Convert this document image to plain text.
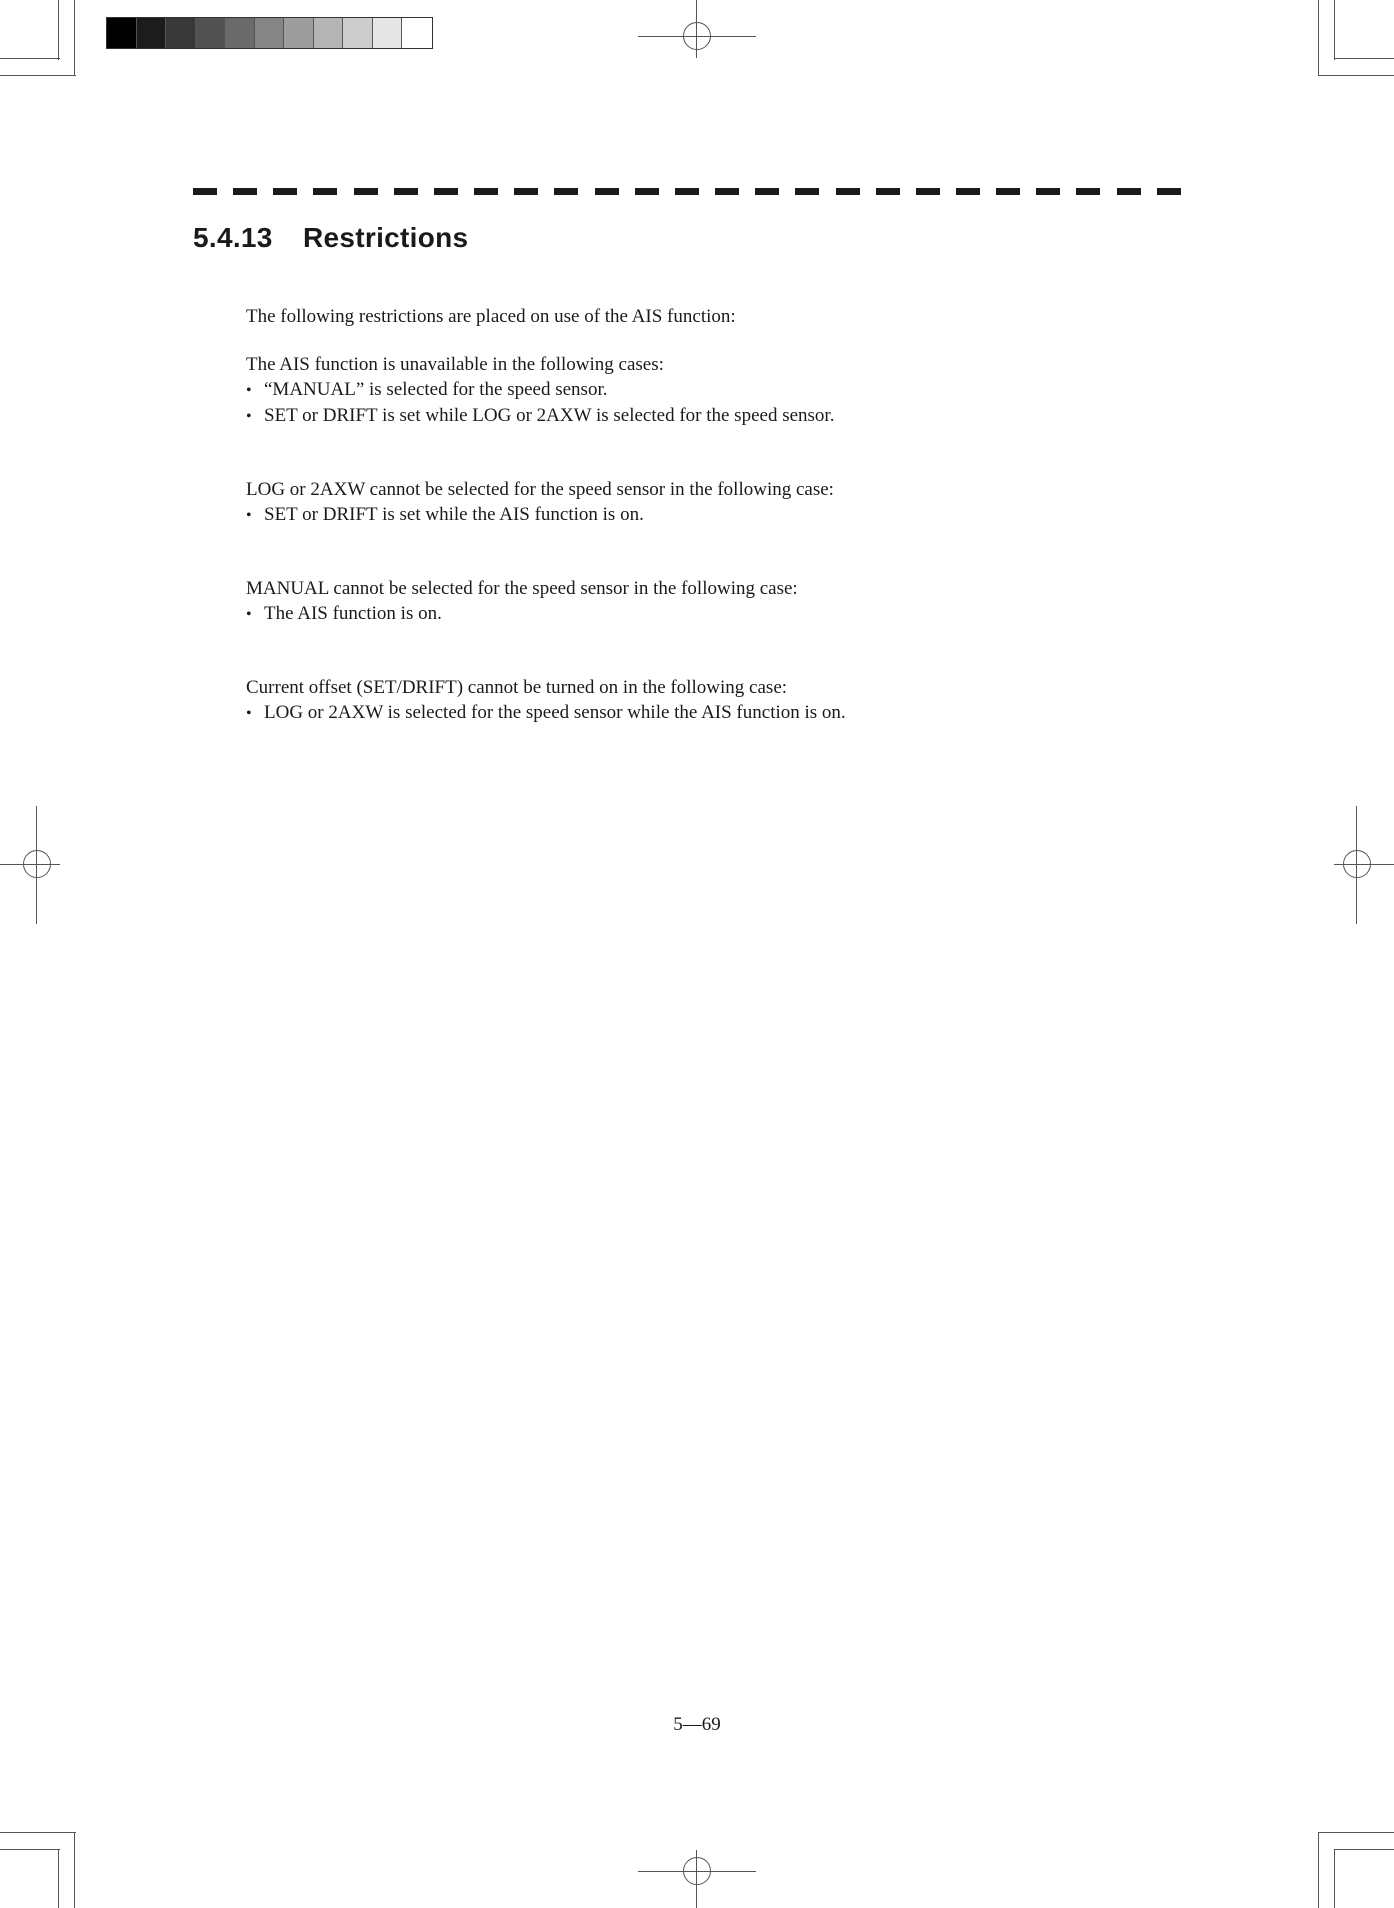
5.4.13 Restrictions

The following restrictions are placed on use of the AIS function:

The AIS function is unavailable in the following cases:

• “MANUAL” is selected for the speed sensor.
• SET or DRIFT is set while LOG or 2AXW is selected for the speed sensor.

LOG or 2AXW cannot be selected for the speed sensor in the following case:

• SET or DRIFT is set while the AIS function is on.

MANUAL cannot be selected for the speed sensor in the following case:

• The AIS function is on.

Current offset (SET/DRIFT) cannot be turned on in the following case:

• LOG or 2AXW is selected for the speed sensor while the AIS function is on.
5—69
